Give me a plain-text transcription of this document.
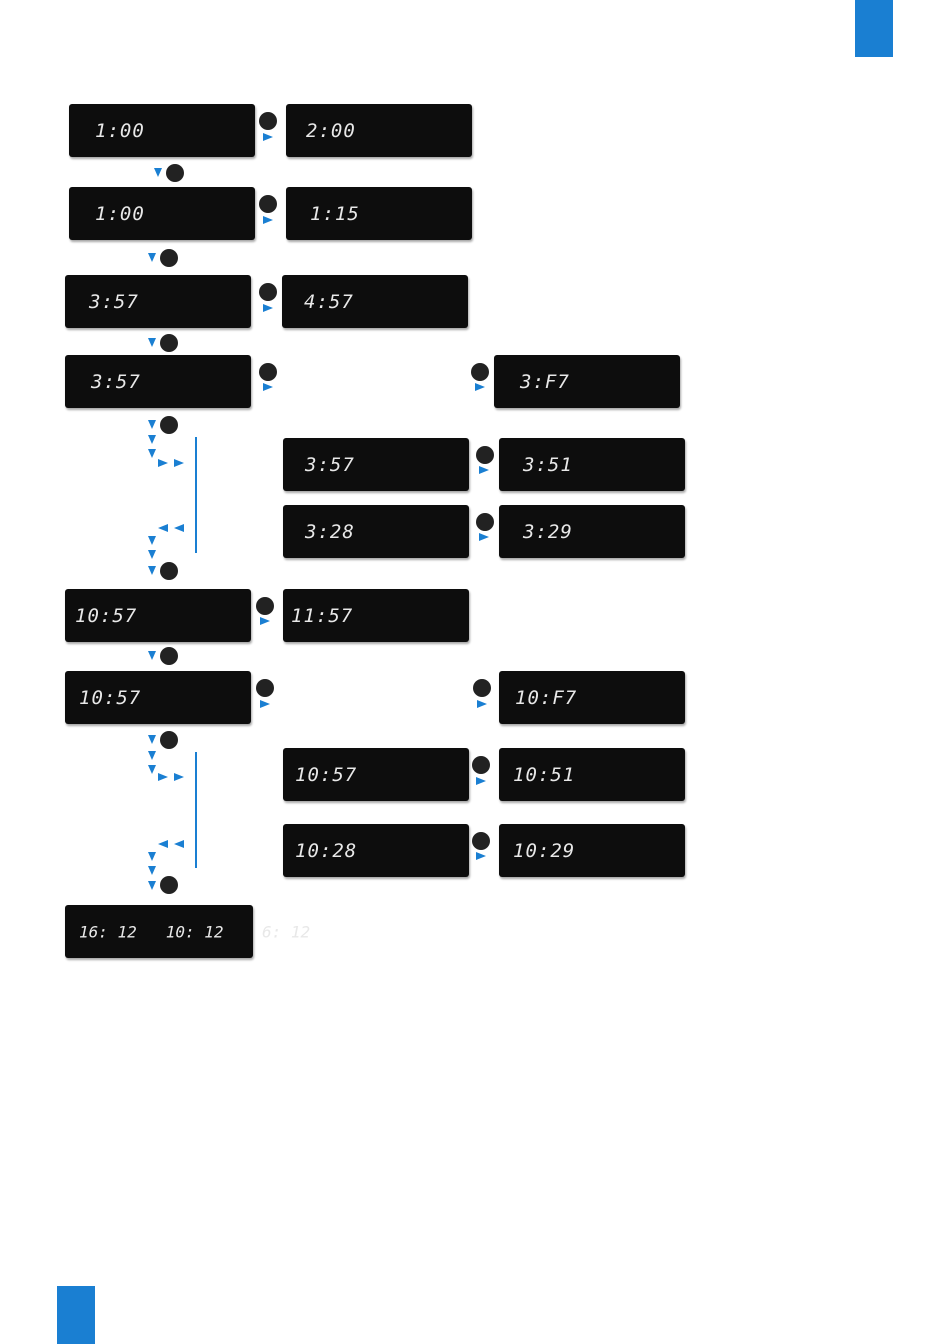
1:00	2:00
1:00	1:15
3:57	4:57
3:57	3:F7
3:57	3:51
3:28	3:29
10:57	11:57
10:57	10:F7
10:57	10:51
10:28	10:29
16: 12   10: 12    6: 12
